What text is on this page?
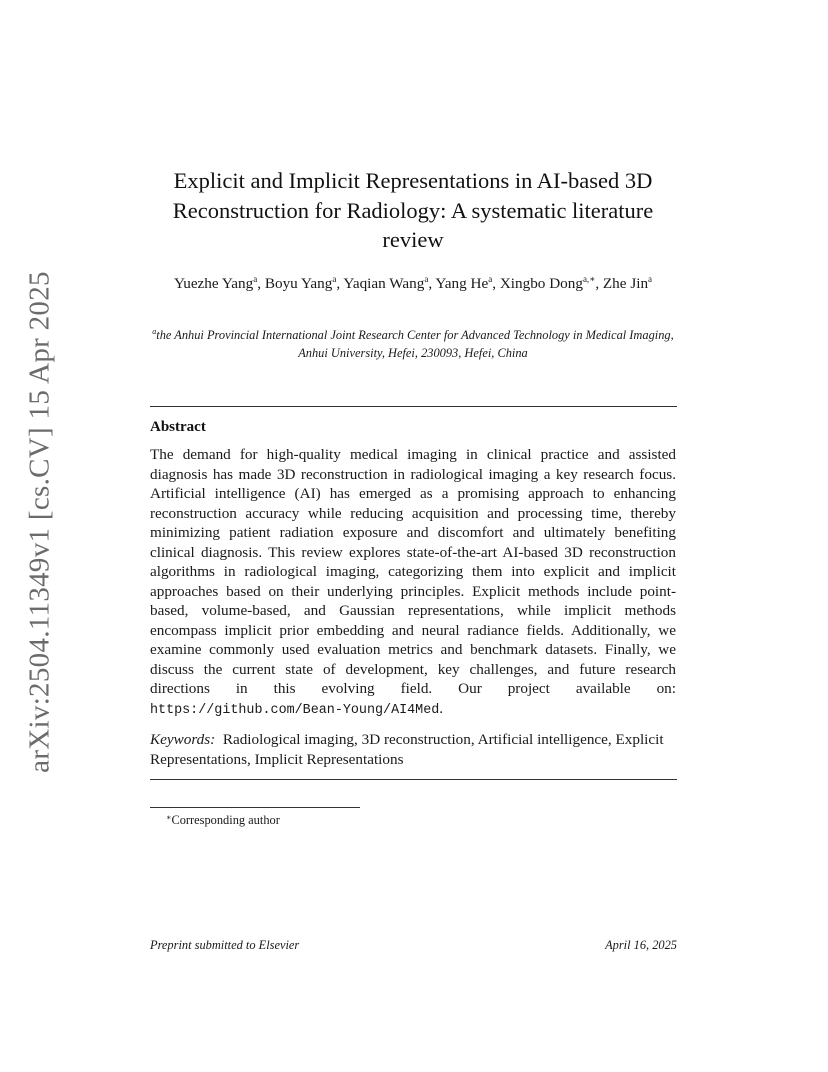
arXiv:2504.11349v1 [cs.CV] 15 Apr 2025
Explicit and Implicit Representations in AI-based 3D Reconstruction for Radiology: A systematic literature review
Yuezhe Yang$^a$, Boyu Yang$^a$, Yaqian Wang$^a$, Yang He$^a$, Xingbo Dong$^{a,∗}$, Zhe Jin$^a$
$^a$the Anhui Provincial International Joint Research Center for Advanced Technology in Medical Imaging, Anhui University, Hefei, 230093, Hefei, China
Abstract
The demand for high-quality medical imaging in clinical practice and assisted diagnosis has made 3D reconstruction in radiological imaging a key research focus. Artificial intelligence (AI) has emerged as a promising approach to enhancing reconstruction accuracy while reducing acquisition and processing time, thereby minimizing patient radiation exposure and discomfort and ultimately benefiting clinical diagnosis. This review explores state-of-the-art AI-based 3D reconstruction algorithms in radiological imaging, categorizing them into explicit and implicit approaches based on their underlying principles. Explicit methods include point-based, volume-based, and Gaussian representations, while implicit methods encompass implicit prior embedding and neural radiance fields. Additionally, we examine commonly used evaluation metrics and benchmark datasets. Finally, we discuss the current state of development, key challenges, and future research directions in this evolving field. Our project available on: https://github.com/Bean-Young/AI4Med.
Keywords: Radiological imaging, 3D reconstruction, Artificial intelligence, Explicit Representations, Implicit Representations
∗Corresponding author
Preprint submitted to Elsevier	April 16, 2025
